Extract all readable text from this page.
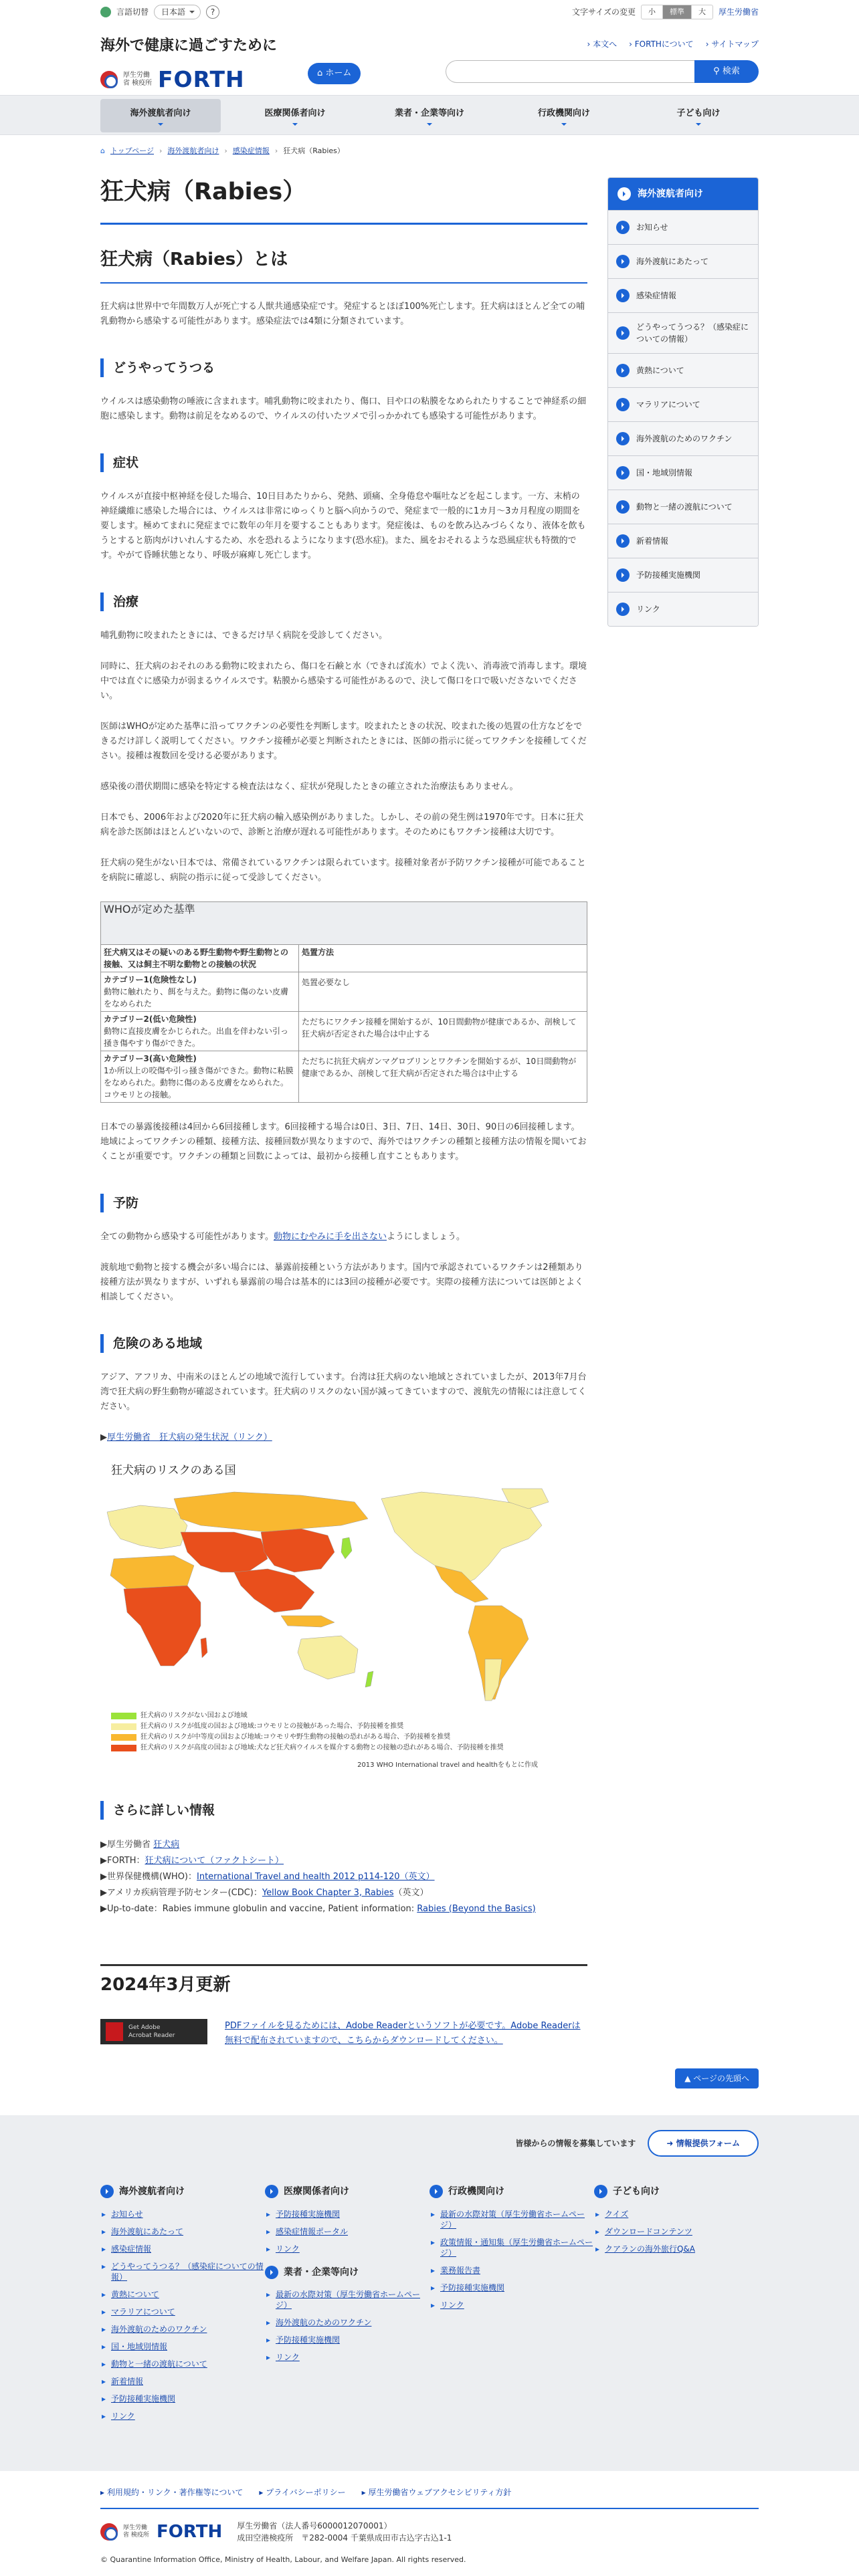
言語切替	日本語	?	文字サイズの変更	小	標準	大	厚生労働省
海外で健康に過ごすために
厚生労働省 検疫所 FORTH	⌂ ホーム
› 本文へ › FORTHについて › サイトマップ
⚲ 検索
海外渡航者向け	医療関係者向け	業者・企業等向け	行政機関向け	子ども向け
⌂ トップページ › 海外渡航者向け › 感染症情報 › 狂犬病（Rabies）
狂犬病（Rabies）
狂犬病（Rabies）とは

狂犬病は世界中で年間数万人が死亡する人獣共通感染症です。発症するとほぼ100%死亡します。狂犬病はほとんど全ての哺乳動物から感染する可能性があります。感染症法では4類に分類されています。

どうやってうつる

ウイルスは感染動物の唾液に含まれます。哺乳動物に咬まれたり、傷口、目や口の粘膜をなめられたりすることで神経系の細胞に感染します。動物は前足をなめるので、ウイルスの付いたツメで引っかかれても感染する可能性があります。

症状

ウイルスが直接中枢神経を侵した場合、10日目あたりから、発熱、頭痛、全身倦怠や嘔吐などを起こします。一方、末梢の神経繊維に感染した場合には、ウイルスは非常にゆっくりと脳へ向かうので、発症まで一般的に1カ月〜3カ月程度の期間を要します。極めてまれに発症までに数年の年月を要することもあります。発症後は、ものを飲み込みづらくなり、液体を飲もうとすると筋肉がけいれんするため、水を恐れるようになります(恐水症)。また、風をおそれるような恐風症状も特徴的です。やがて昏睡状態となり、呼吸が麻痺し死亡します。

治療

哺乳動物に咬まれたときには、できるだけ早く病院を受診してください。

同時に、狂犬病のおそれのある動物に咬まれたら、傷口を石鹸と水（できれば流水）でよく洗い、消毒液で消毒します。環境中では直ぐに感染力が弱まるウイルスです。粘膜から感染する可能性があるので、決して傷口を口で吸いださないでください。

医師はWHOが定めた基準に沿ってワクチンの必要性を判断します。咬まれたときの状況、咬まれた後の処置の仕方などをできるだけ詳しく説明してください。ワクチン接種が必要と判断されたときには、医師の指示に従ってワクチンを接種してください。接種は複数回を受ける必要があります。

感染後の潜伏期間に感染を特定する検査法はなく、症状が発現したときの確立された治療法もありません。

日本でも、2006年および2020年に狂犬病の輸入感染例がありました。しかし、その前の発生例は1970年です。日本に狂犬病を診た医師はほとんどいないので、診断と治療が遅れる可能性があります。そのためにもワクチン接種は大切です。

狂犬病の発生がない日本では、常備されているワクチンは限られています。接種対象者が予防ワクチン接種が可能であることを病院に確認し、病院の指示に従って受診してください。

WHOが定めた基準	
狂犬病又はその疑いのある野生動物や野生動物との接触、又は飼主不明な動物との接触の状況	処置方法

カテゴリー1(危険性なし)
動物に触れたり、餌を与えた。動物に傷のない皮膚をなめられた	処置必要なし

カテゴリー2(低い危険性)
動物に直接皮膚をかじられた。出血を伴わない引っ掻き傷やすり傷ができた。	ただちにワクチン接種を開始するが、10日間動物が健康であるか、剖検して狂犬病が否定された場合は中止する

カテゴリー3(高い危険性)
1か所以上の咬傷や引っ掻き傷ができた。動物に粘膜をなめられた。動物に傷のある皮膚をなめられた。コウモリとの接触。	ただちに抗狂犬病ガンマグロブリンとワクチンを開始するが、10日間動物が健康であるか、剖検して狂犬病が否定された場合は中止する

日本での暴露後接種は4回から6回接種します。6回接種する場合は0日、3日、7日、14日、30日、90日の6回接種します。地域によってワクチンの種類、接種方法、接種回数が異なりますので、海外ではワクチンの種類と接種方法の情報を聞いておくことが重要です。ワクチンの種類と回数によっては、最初から接種し直すこともあります。

予防

全ての動物から感染する可能性があります。動物にむやみに手を出さないようにしましょう。

渡航地で動物と接する機会が多い場合には、暴露前接種という方法があります。国内で承認されているワクチンは2種類あり接種方法が異なりますが、いずれも暴露前の場合は基本的には3回の接種が必要です。実際の接種方法については医師とよく相談してください。

危険のある地域

アジア、アフリカ、中南米のほとんどの地域で流行しています。台湾は狂犬病のない地域とされていましたが、2013年7月台湾で狂犬病の野生動物が確認されています。狂犬病のリスクのない国が減ってきていますので、渡航先の情報には注意してください。

▶厚生労働省　狂犬病の発生状況（リンク）

狂犬病のリスクのある国
狂犬病のリスクがない国および地域
狂犬病のリスクが低度の国および地域:コウモリとの接触があった場合、予防接種を推奨
狂犬病のリスクが中等度の国および地域:コウモリや野生動物の接触の恐れがある場合、予防接種を推奨
狂犬病のリスクが高度の国および地域:犬など狂犬病ウイルスを媒介する動物との接触の恐れがある場合、予防接種を推奨
2013 WHO International travel and healthをもとに作成
さらに詳しい情報
▶厚生労働省 狂犬病
▶FORTH：狂犬病について（ファクトシート）
▶世界保健機構(WHO)：International Travel and health 2012 p114-120（英文）
▶アメリカ疾病管理予防センター(CDC)：Yellow Book Chapter 3, Rabies（英文）
▶Up-to-date：Rabies immune globulin and vaccine, Patient information: Rabies (Beyond the Basics)
2024年3月更新
Get Adobe
Acrobat Reader
PDFファイルを見るためには、Adobe Readerというソフトが必要です。Adobe Readerは無料で配布されていますので、こちらからダウンロードしてください。
海外渡航者向け
お知らせ
海外渡航にあたって
感染症情報
どうやってうつる？（感染症についての情報）
黄熱について
マラリアについて
海外渡航のためのワクチン
国・地域別情報
動物と一緒の渡航について
新着情報
予防接種実施機関
リンク
▲ ページの先頭へ
皆様からの情報を募集しています	➜ 情報提供フォーム
海外渡航者向け
▸ お知らせ
▸ 海外渡航にあたって
▸ 感染症情報
▸ どうやってうつる？（感染症についての情報）
▸ 黄熱について
▸ マラリアについて
▸ 海外渡航のためのワクチン
▸ 国・地域別情報
▸ 動物と一緒の渡航について
▸ 新着情報
▸ 予防接種実施機関
▸ リンク
医療関係者向け
▸ 予防接種実施機関
▸ 感染症情報ポータル
▸ リンク
業者・企業等向け
▸ 最新の水際対策（厚生労働省ホームページ）
▸ 海外渡航のためのワクチン
▸ 予防接種実施機関
▸ リンク
行政機関向け
▸ 最新の水際対策（厚生労働省ホームページ）
▸ 政策情報・通知集（厚生労働省ホームページ）
▸ 業務報告書
▸ 予防接種実施機関
▸ リンク
子ども向け
▸ クイズ
▸ ダウンロードコンテンツ
▸ クアランの海外旅行Q&A
▸ 利用規約・リンク・著作権等について ▸ プライバシーポリシー ▸ 厚生労働省ウェブアクセシビリティ方針
厚生労働省 検疫所 FORTH 厚生労働省（法人番号6000012070001）
成田空港検疫所　〒282-0004 千葉県成田市古込字古込1-1
© Quarantine Information Office, Ministry of Health, Labour, and Welfare Japan. All rights reserved.
